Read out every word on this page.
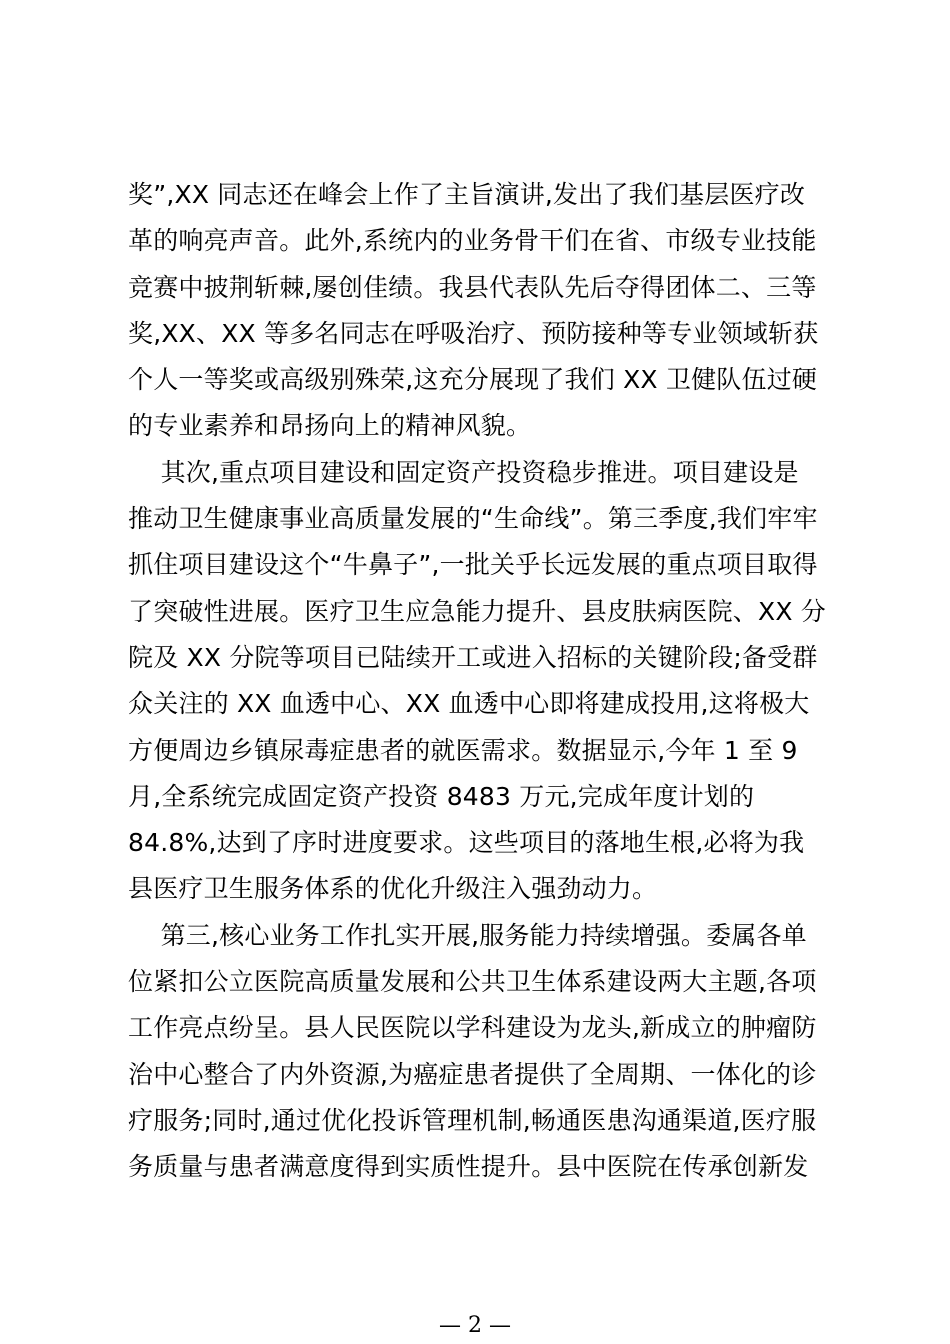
奖”,XX 同志还在峰会上作了主旨演讲,发出了我们基层医疗改
革的响亮声音。此外,系统内的业务骨干们在省、市级专业技能
竞赛中披荆斩棘,屡创佳绩。我县代表队先后夺得团体二、三等
奖,XX、XX 等多名同志在呼吸治疗、预防接种等专业领域斩获
个人一等奖或高级别殊荣,这充分展现了我们 XX 卫健队伍过硬
的专业素养和昂扬向上的精神风貌。
其次,重点项目建设和固定资产投资稳步推进。项目建设是
推动卫生健康事业高质量发展的“生命线”。第三季度,我们牢牢
抓住项目建设这个“牛鼻子”,一批关乎长远发展的重点项目取得
了突破性进展。医疗卫生应急能力提升、县皮肤病医院、XX 分
院及 XX 分院等项目已陆续开工或进入招标的关键阶段;备受群
众关注的 XX 血透中心、XX 血透中心即将建成投用,这将极大
方便周边乡镇尿毒症患者的就医需求。数据显示,今年 1 至 9
月,全系统完成固定资产投资 8483 万元,完成年度计划的
84.8%,达到了序时进度要求。这些项目的落地生根,必将为我
县医疗卫生服务体系的优化升级注入强劲动力。
第三,核心业务工作扎实开展,服务能力持续增强。委属各单
位紧扣公立医院高质量发展和公共卫生体系建设两大主题,各项
工作亮点纷呈。县人民医院以学科建设为龙头,新成立的肿瘤防
治中心整合了内外资源,为癌症患者提供了全周期、一体化的诊
疗服务;同时,通过优化投诉管理机制,畅通医患沟通渠道,医疗服
务质量与患者满意度得到实质性提升。县中医院在传承创新发
— 2 —
